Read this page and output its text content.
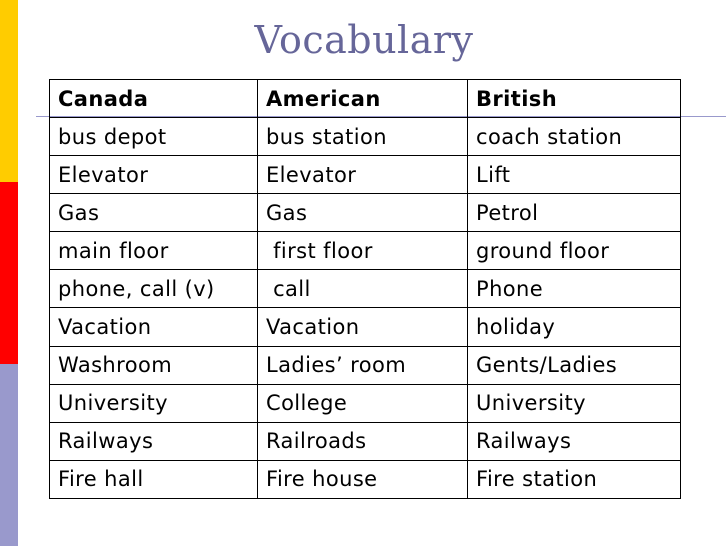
Vocabulary
Canada	American	British
bus depot	bus station	coach station
Elevator	Elevator	Lift
Gas	Gas	Petrol
main floor	first floor	ground floor
phone, call (v)	call	Phone
Vacation	Vacation	holiday
Washroom	Ladies’ room	Gents/Ladies
University	College	University
Railways	Railroads	Railways
Fire hall	Fire house	Fire station
